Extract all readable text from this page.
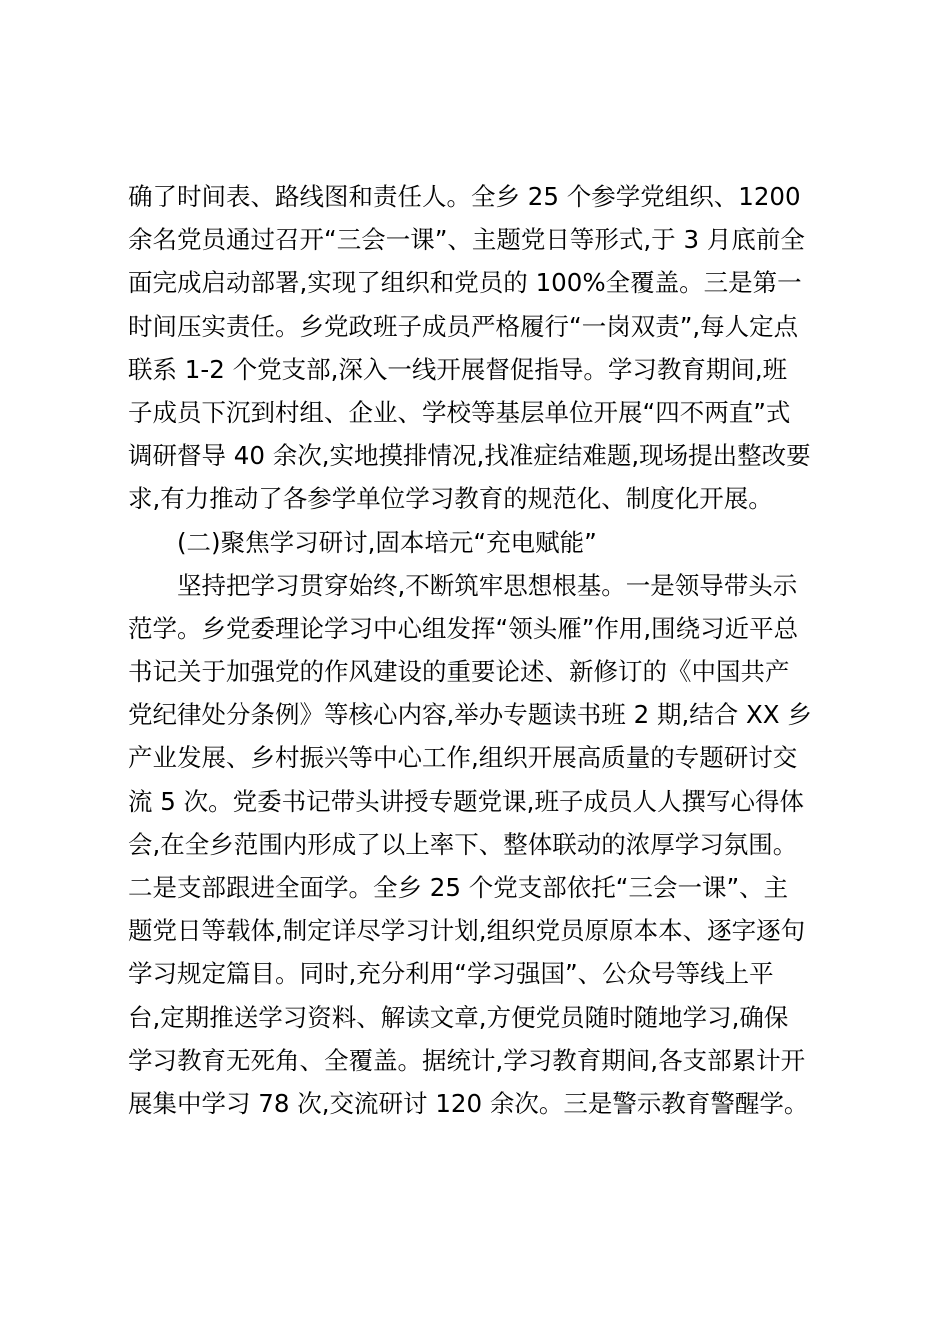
确了时间表、路线图和责任人。全乡 25 个参学党组织、1200

余名党员通过召开“三会一课”、主题党日等形式,于 3 月底前全

面完成启动部署,实现了组织和党员的 100%全覆盖。三是第一

时间压实责任。乡党政班子成员严格履行“一岗双责”,每人定点

联系 1-2 个党支部,深入一线开展督促指导。学习教育期间,班

子成员下沉到村组、企业、学校等基层单位开展“四不两直”式

调研督导 40 余次,实地摸排情况,找准症结难题,现场提出整改要

求,有力推动了各参学单位学习教育的规范化、制度化开展。

(二)聚焦学习研讨,固本培元“充电赋能”

坚持把学习贯穿始终,不断筑牢思想根基。一是领导带头示

范学。乡党委理论学习中心组发挥“领头雁”作用,围绕习近平总

书记关于加强党的作风建设的重要论述、新修订的《中国共产

党纪律处分条例》等核心内容,举办专题读书班 2 期,结合 XX 乡

产业发展、乡村振兴等中心工作,组织开展高质量的专题研讨交

流 5 次。党委书记带头讲授专题党课,班子成员人人撰写心得体

会,在全乡范围内形成了以上率下、整体联动的浓厚学习氛围。

二是支部跟进全面学。全乡 25 个党支部依托“三会一课”、主

题党日等载体,制定详尽学习计划,组织党员原原本本、逐字逐句

学习规定篇目。同时,充分利用“学习强国”、公众号等线上平

台,定期推送学习资料、解读文章,方便党员随时随地学习,确保

学习教育无死角、全覆盖。据统计,学习教育期间,各支部累计开

展集中学习 78 次,交流研讨 120 余次。三是警示教育警醒学。
